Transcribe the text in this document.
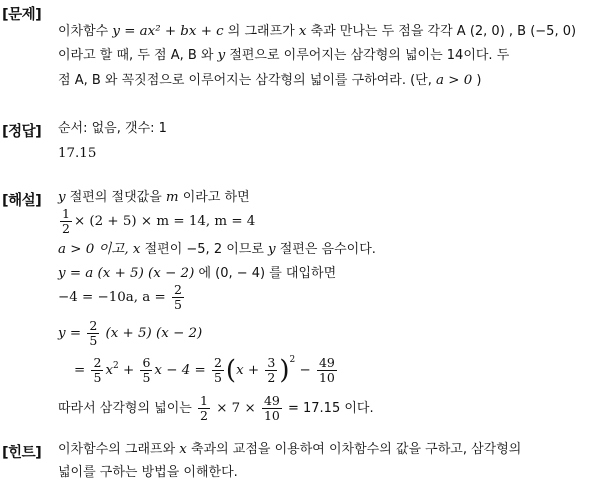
[문제]
이차함수 y = ax² + bx + c 의 그래프가 x 축과 만나는 두 점을 각각 A (2, 0) , B (−5, 0)
이라고 할 때, 두 점 A, B 와 y 절편으로 이루어지는 삼각형의 넓이는 14이다. 두
점 A, B 와 꼭짓점으로 이루어지는 삼각형의 넓이를 구하여라. (단, a > 0 )
[정답] 순서: 없음, 갯수: 1
17.15
[해설] y 절편의 절댓값을 m 이라고 하면
$\frac{1}{2} \times (2 + 5) \times m = 14$, m = 4
a > 0 이고, x 절편이 −5, 2 이므로 y 절편은 음수이다.
y = a (x + 5) (x − 2) 에 (0, − 4) 를 대입하면
−4 = −10a, $a = \frac{2}{5}$
$y = \frac{2}{5} (x + 5) (x - 2)$
= $\frac{2}{5} x^2 + \frac{6}{5}$ $x - 4 = \frac{2}{5} (x + \frac{3}{2} )^2 - \frac{49}{10}$
따라서 삼각형의 넓이는 $\frac{1}{2} \times 7 \times \frac{49}{10} = 17.15$ 이다.
[힌트] 이차함수의 그래프와 x 축과의 교점을 이용하여 이차함수의 값을 구하고, 삼각형의
넓이를 구하는 방법을 이해한다.
